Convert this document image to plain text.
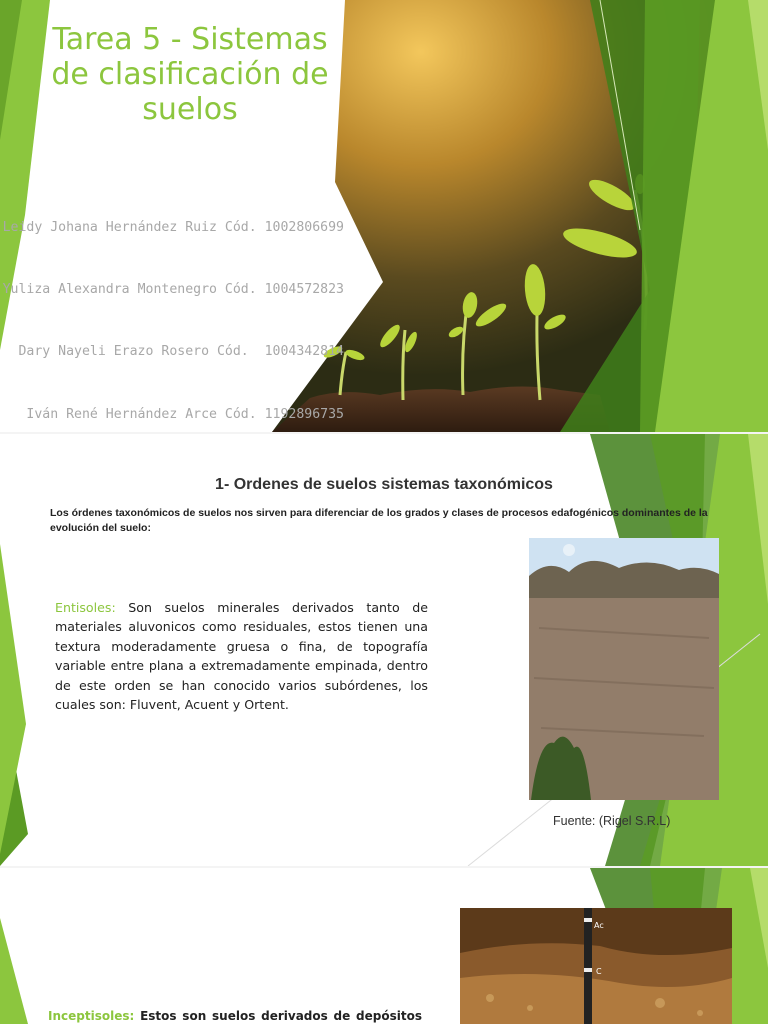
Tarea 5 - Sistemas de clasificación de suelos

Leidy Johana Hernández Ruiz Cód. 1002806699

Yuliza Alexandra Montenegro Cód. 1004572823

Dary Nayeli Erazo Rosero Cód.  1004342814

Iván René Hernández Arce Cód. 1192896735

1- Ordenes de suelos sistemas taxonómicos

Los órdenes taxonómicos de suelos nos sirven para diferenciar de los grados y clases de procesos edafogénicos dominantes de la evolución del suelo:

Entisoles: Son suelos minerales derivados tanto de materiales aluvonicos como residuales, estos tienen una textura moderadamente gruesa o fina, de topografía variable entre plana a extremadamente empinada, dentro de este orden se han conocido varios subórdenes, los cuales son: Fluvent, Acuent y Ortent.

Fuente: (Rigel S.R.L)
Ac
C

Inceptisoles: Estos son suelos derivados de depósitos
